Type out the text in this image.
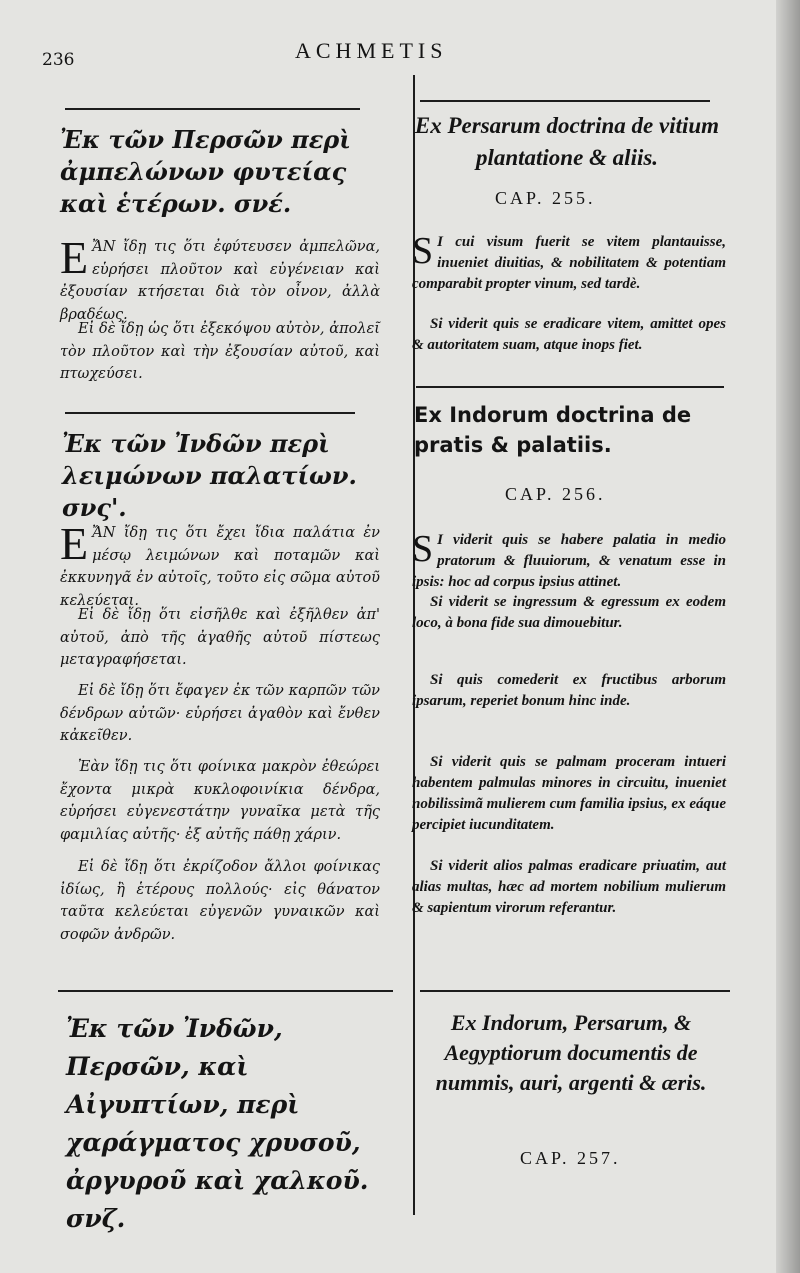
236	ACHMETIS
Ἐκ τῶν Περσῶν περὶ ἀμπελώνων φυτείας καὶ ἑτέρων. σνέ.

ΕἌΝ ἴδῃ τις ὅτι ἐφύτευσεν ἀμπελῶνα, εὑρήσει πλοῦτον καὶ εὐγένειαν καὶ ἐξουσίαν κτήσεται διὰ τὸν οἶνον, ἀλλὰ βραδέως.

Εἰ δὲ ἴδῃ ὡς ὅτι ἐξεκόψου αὐτὸν, ἀπολεῖ τὸν πλοῦτον καὶ τὴν ἐξουσίαν αὐτοῦ, καὶ πτωχεύσει.

Ἐκ τῶν Ἰνδῶν περὶ λειμώνων παλατίων. σνς'.

ΕἌΝ ἴδῃ τις ὅτι ἔχει ἴδια παλάτια ἐν μέσῳ λειμώνων καὶ ποταμῶν καὶ ἐκκυνηγᾶ ἐν αὐτοῖς, τοῦτο εἰς σῶμα αὐτοῦ κελεύεται.

Εἰ δὲ ἴδῃ ὅτι εἰσῆλθε καὶ ἐξῆλθεν ἀπ' αὐτοῦ, ἀπὸ τῆς ἀγαθῆς αὐτοῦ πίστεως μεταγραφήσεται.

Εἰ δὲ ἴδῃ ὅτι ἔφαγεν ἐκ τῶν καρπῶν τῶν δένδρων αὐτῶν· εὑρήσει ἀγαθὸν καὶ ἔνθεν κἀκεῖθεν.

Ἐὰν ἴδῃ τις ὅτι φοίνικα μακρὸν ἐθεώρει ἔχοντα μικρὰ κυκλοφοινίκια δένδρα, εὑρήσει εὐγενεστάτην γυναῖκα μετὰ τῆς φαμιλίας αὐτῆς· ἐξ αὐτῆς πάθῃ χάριν.

Εἰ δὲ ἴδῃ ὅτι ἐκρίζοδον ἄλλοι φοίνικας ἰδίως, ἢ ἑτέρους πολλούς· εἰς θάνατον ταῦτα κελεύεται εὐγενῶν γυναικῶν καὶ σοφῶν ἀνδρῶν.

Ἐκ τῶν Ἰνδῶν, Περσῶν, καὶ Αἰγυπτίων, περὶ χαράγματος χρυσοῦ, ἀργυροῦ καὶ χαλκοῦ. σνζ.
Ex Persarum doctrina de vitium plantatione & aliis.
CAP. 255.

S I cui visum fuerit se vitem plantauisse, inueniet diuitias, & nobilitatem & potentiam comparabit propter vinum, sed tardè.

Si viderit quis se eradicare vitem, amittet opes & autoritatem suam, atque inops fiet.

Ex Indorum doctrina de pratis & palatiis.
CAP. 256.

S I viderit quis se habere palatia in medio pratorum & fluuiorum, & venatum esse in ipsis: hoc ad corpus ipsius attinet.

Si viderit se ingressum & egressum ex eodem loco, à bona fide sua dimouebitur.

Si quis comederit ex fructibus arborum ipsarum, reperiet bonum hinc inde.

Si viderit quis se palmam proceram intueri habentem palmulas minores in circuitu, inueniet nobilissimã mulierem cum familia ipsius, ex eáque percipiet iucunditatem.

Si viderit alios palmas eradicare priuatim, aut alias multas, hæc ad mortem nobilium mulierum & sapientum virorum referantur.

Ex Indorum, Persarum, & Aegyptiorum documentis de nummis, auri, argenti & æris.
CAP. 257.
